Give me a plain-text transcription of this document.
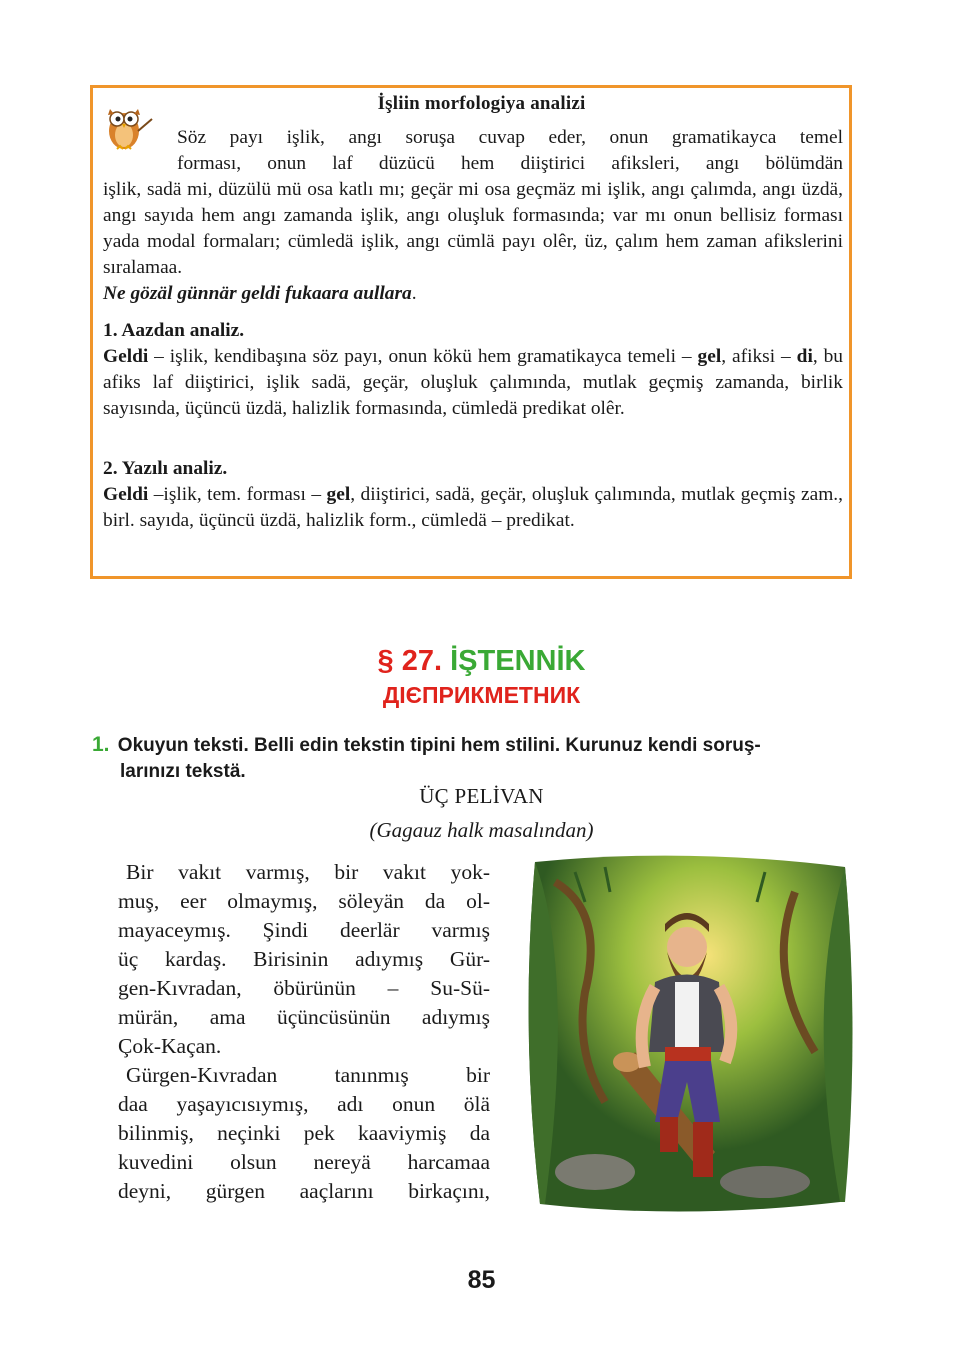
İşliin morfologiya analizi
Söz payı işlik, angı soruşa cuvap eder, onun gramatikayca temel
forması, onun laf düzücü hem diiştirici afiksleri, angı bölümdän

işlik, sadä mi, düzülü mü osa katlı mı; geçär mi osa geçmäz mi işlik, angı çalımda, angı üzdä, angı sayıda hem angı zamanda işlik, angı oluşluk formasında; var mı onun bellisiz forması yada modal formaları; cümledä işlik, angı cümlä payı olêr, üz, çalım hem zaman afikslerini sıralamaa.

Ne gözäl günnär geldi fukaara aullara.

1. Aazdan analiz.

Geldi – işlik, kendibaşına söz payı, onun kökü hem gramatikayca temeli – gel, afiksi – di, bu afiks laf diiştirici, işlik sadä, geçär, oluşluk çalımında, mutlak geçmiş zamanda, birlik sayısında, üçüncü üzdä, halizlik formasında, cümledä predikat olêr.

2. Yazılı analiz.

Geldi –işlik, tem. forması – gel, diiştirici, sadä, geçär, oluşluk çalımında, mutlak geçmiş zam., birl. sayıda, üçüncü üzdä, halizlik form., cümledä – predikat.

§ 27. İŞTENNİK
ДІЄПРИКМЕТНИК
1. Okuyun teksti. Belli edin tekstin tipini hem stilini. Kurunuz kendi soruş-
larınızı tekstä.
ÜÇ PELİVAN
(Gagauz halk masalından)

Bir vakıt varmış, bir vakıt yok-
muş, eer olmaymış, söleyän da ol-
mayaceymış. Şindi deerlär varmış
üç kardaş. Birisinin adıymış Gür-
gen-Kıvradan, öbürünün – Su-Sü-
mürän, ama üçüncüsünün adıymış
Çok-Kaçan.

Gürgen-Kıvradan tanınmış bir
daa yaşayıcısıymış, adı onun ölä
bilinmiş, neçinki pek kaaviymiş da
kuvedini olsun nereyä harcamaa
deyni, gürgen aaçlarını birkaçını,

85
